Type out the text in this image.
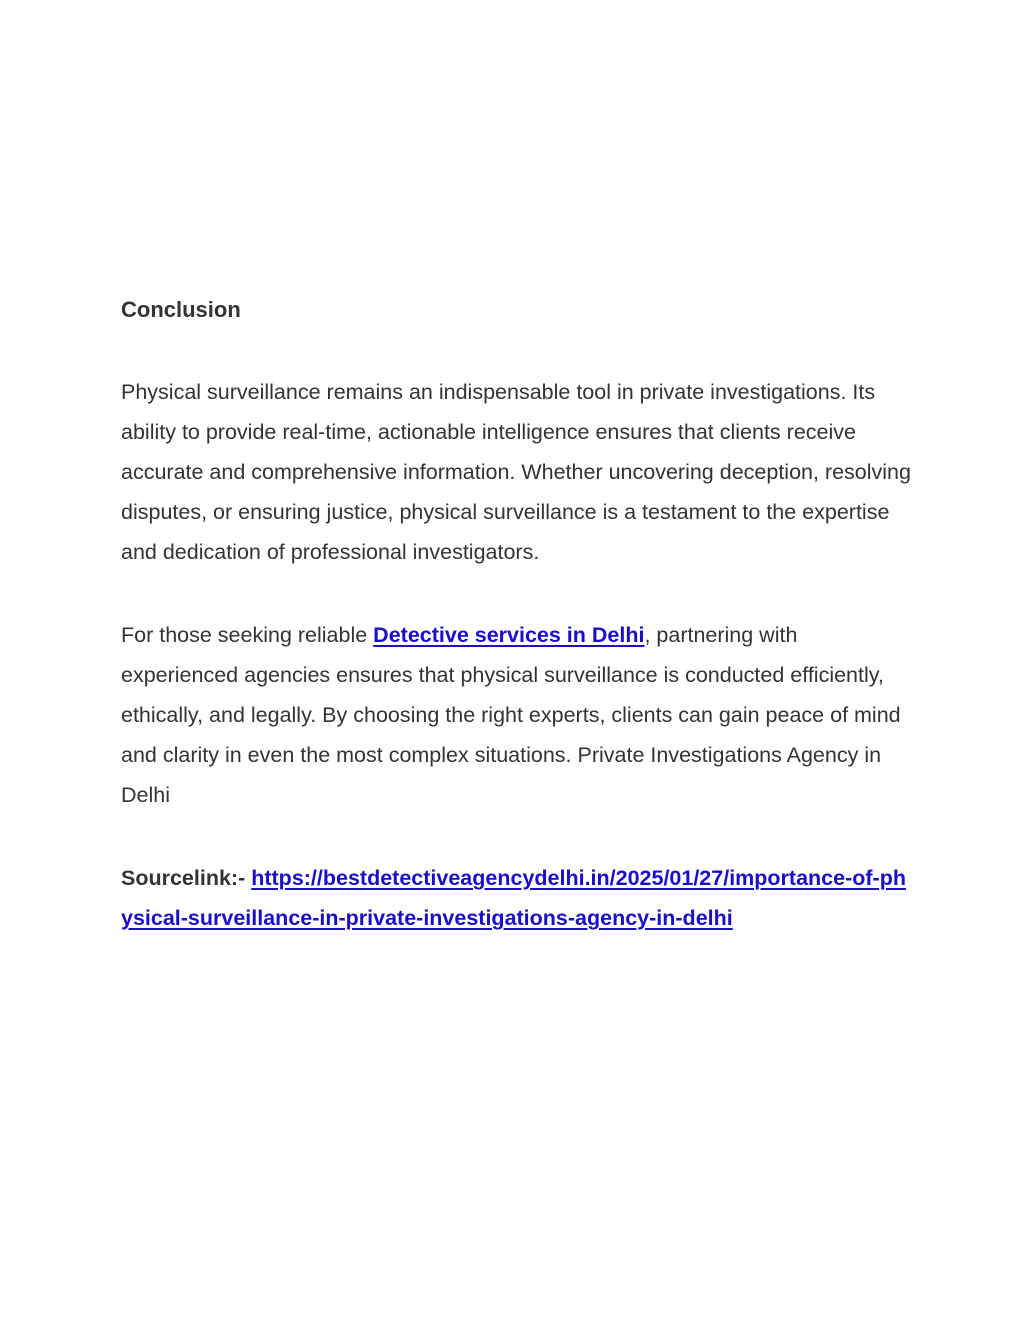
Conclusion

Physical surveillance remains an indispensable tool in private investigations. Its ability to provide real-time, actionable intelligence ensures that clients receive accurate and comprehensive information. Whether uncovering deception, resolving disputes, or ensuring justice, physical surveillance is a testament to the expertise and dedication of professional investigators.

For those seeking reliable Detective services in Delhi, partnering with experienced agencies ensures that physical surveillance is conducted efficiently, ethically, and legally. By choosing the right experts, clients can gain peace of mind and clarity in even the most complex situations. Private Investigations Agency in Delhi

Sourcelink:- https://bestdetectiveagencydelhi.in/2025/01/27/importance-of-physical-surveillance-in-private-investigations-agency-in-delhi
